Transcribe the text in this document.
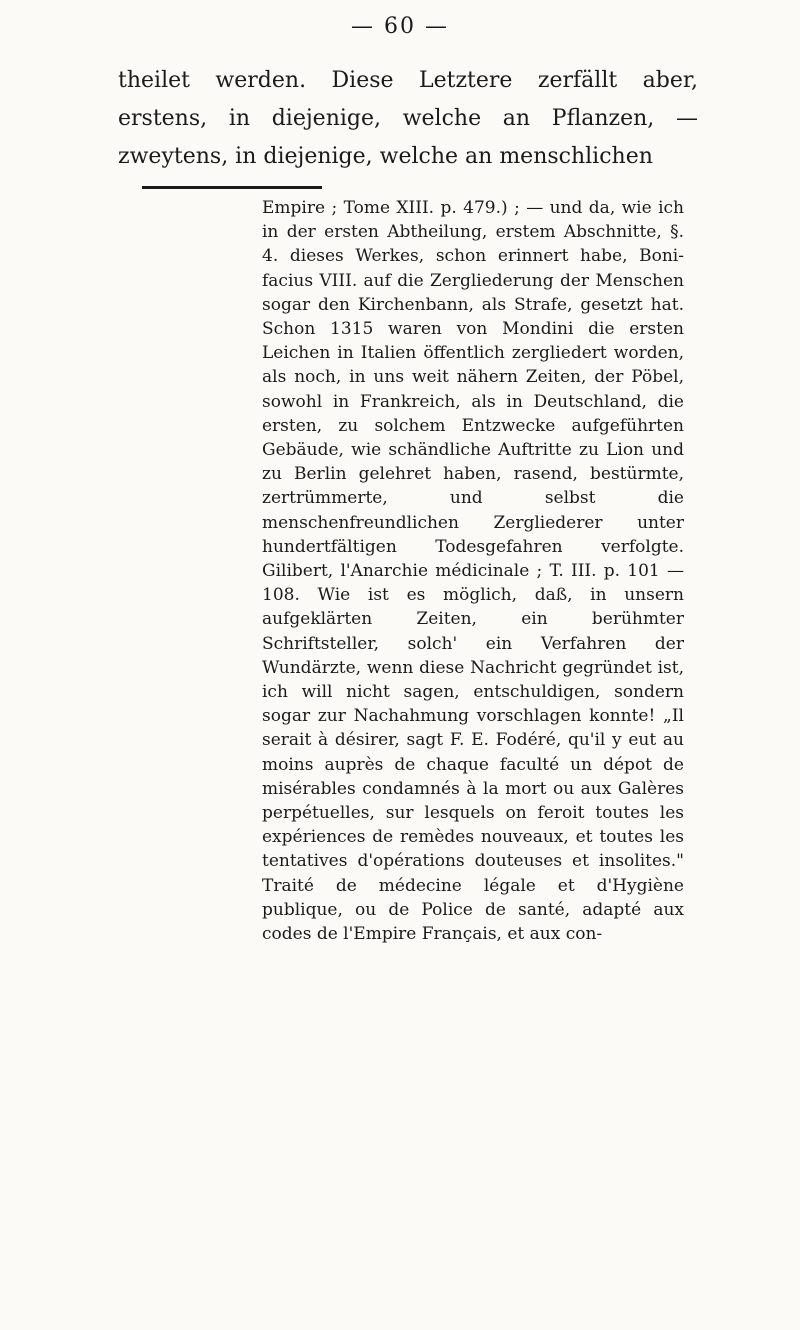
— 60 —

theilet werden. Diese Letztere zerfällt aber, erstens, in diejenige, welche an Pflanzen, — zweytens, in diejenige, welche an menschlichen

Empire ; Tome XIII. p. 479.) ; — und da, wie ich in der ersten Abtheilung, erstem Abschnitte, §. 4. dieses Werkes, schon erinnert habe, Boni-facius VIII. auf die Zergliederung der Menschen sogar den Kirchenbann, als Strafe, gesetzt hat. Schon 1315 waren von Mondini die ersten Leichen in Italien öffentlich zergliedert worden, als noch, in uns weit nähern Zeiten, der Pöbel, sowohl in Frankreich, als in Deutschland, die ersten, zu solchem Entzwecke aufgeführten Gebäude, wie schändliche Auftritte zu Lion und zu Berlin gelehret haben, rasend, bestürmte, zertrümmerte, und selbst die menschenfreundlichen Zergliederer unter hundertfältigen Todesgefahren verfolgte. Gilibert, l'Anarchie médicinale ; T. III. p. 101 — 108. Wie ist es möglich, daß, in unsern aufgeklärten Zeiten, ein berühmter Schriftsteller, solch' ein Verfahren der Wundärzte, wenn diese Nachricht gegründet ist, ich will nicht sagen, entschuldigen, sondern sogar zur Nachahmung vorschlagen konnte! „Il serait à désirer, sagt F. E. Fodéré, qu'il y eut au moins auprès de chaque faculté un dépot de misérables condamnés à la mort ou aux Galères perpétuelles, sur lesquels on feroit toutes les expériences de remèdes nouveaux, et toutes les tentatives d'opérations douteuses et insolites." Traité de médecine légale et d'Hygiène publique, ou de Police de santé, adapté aux codes de l'Empire Français, et aux con-
